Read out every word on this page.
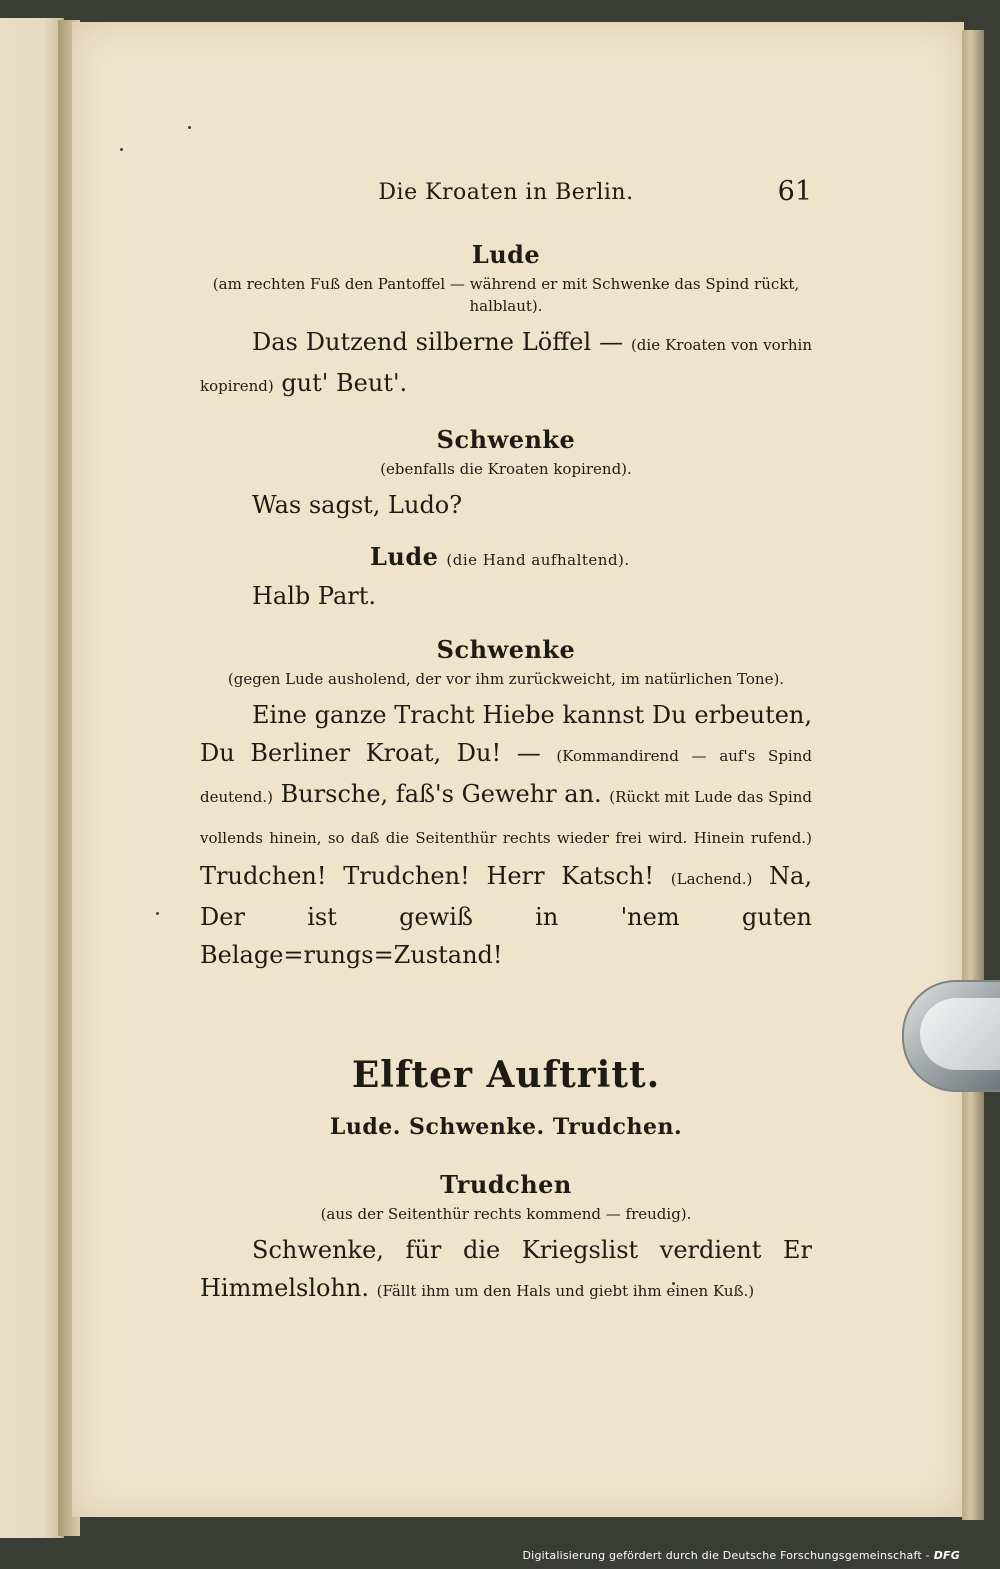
Die Kroaten in Berlin.	61
Lude
(am rechten Fuß den Pantoffel — während er mit Schwenke das Spind rückt, halblaut).

Das Dutzend silberne Löffel — (die Kroaten von vorhin kopirend) gut' Beut'.

Schwenke
(ebenfalls die Kroaten kopirend).

Was sagst, Ludo?

Lude (die Hand aufhaltend).

Halb Part.

Schwenke
(gegen Lude ausholend, der vor ihm zurückweicht, im natürlichen Tone).

Eine ganze Tracht Hiebe kannst Du erbeuten, Du Berliner Kroat, Du! — (Kommandirend — auf's Spind deutend.) Bursche, faß's Gewehr an. (Rückt mit Lude das Spind vollends hinein, so daß die Seitenthür rechts wieder frei wird. Hinein rufend.) Trudchen! Trudchen! Herr Katsch! (Lachend.) Na, Der ist gewiß in 'nem guten Belage=rungs=Zustand!

Elfter Auftritt.
Lude. Schwenke. Trudchen.
Trudchen
(aus der Seitenthür rechts kommend — freudig).

Schwenke, für die Kriegslist verdient Er Himmelslohn. (Fällt ihm um den Hals und giebt ihm einen Kuß.)

Digitalisierung gefördert durch die Deutsche Forschungsgemeinschaft - DFG
